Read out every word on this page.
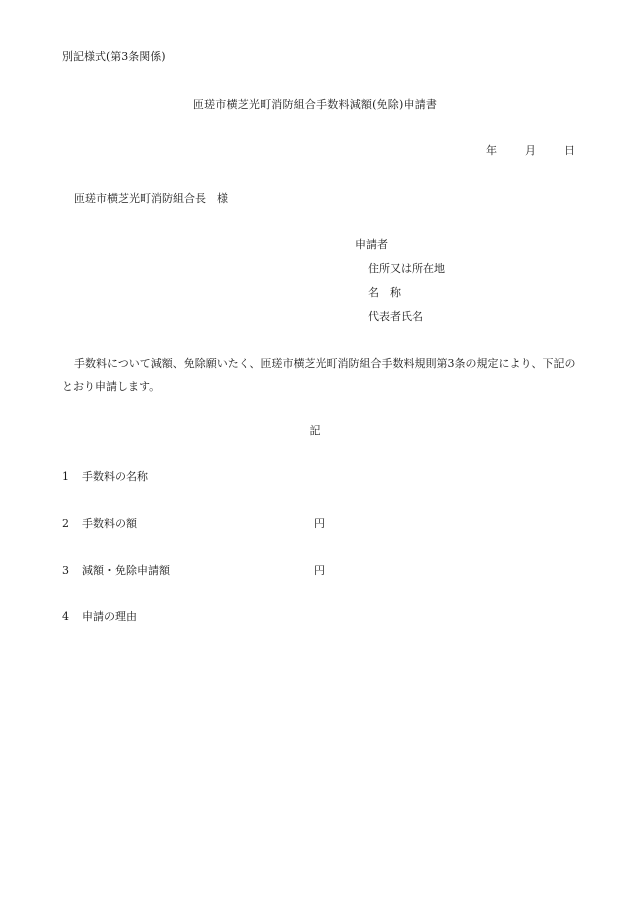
別記様式(第3条関係)
匝瑳市横芝光町消防組合手数料減額(免除)申請書
年	月	日
匝瑳市横芝光町消防組合長　様
申請者
住所又は所在地
名　称
代表者氏名
手数料について減額、免除願いたく、匝瑳市横芝光町消防組合手数料規則第3条の規定により、下記のとおり申請します。
記
1 手数料の名称
2 手数料の額	円
3 減額・免除申請額	円
4 申請の理由
